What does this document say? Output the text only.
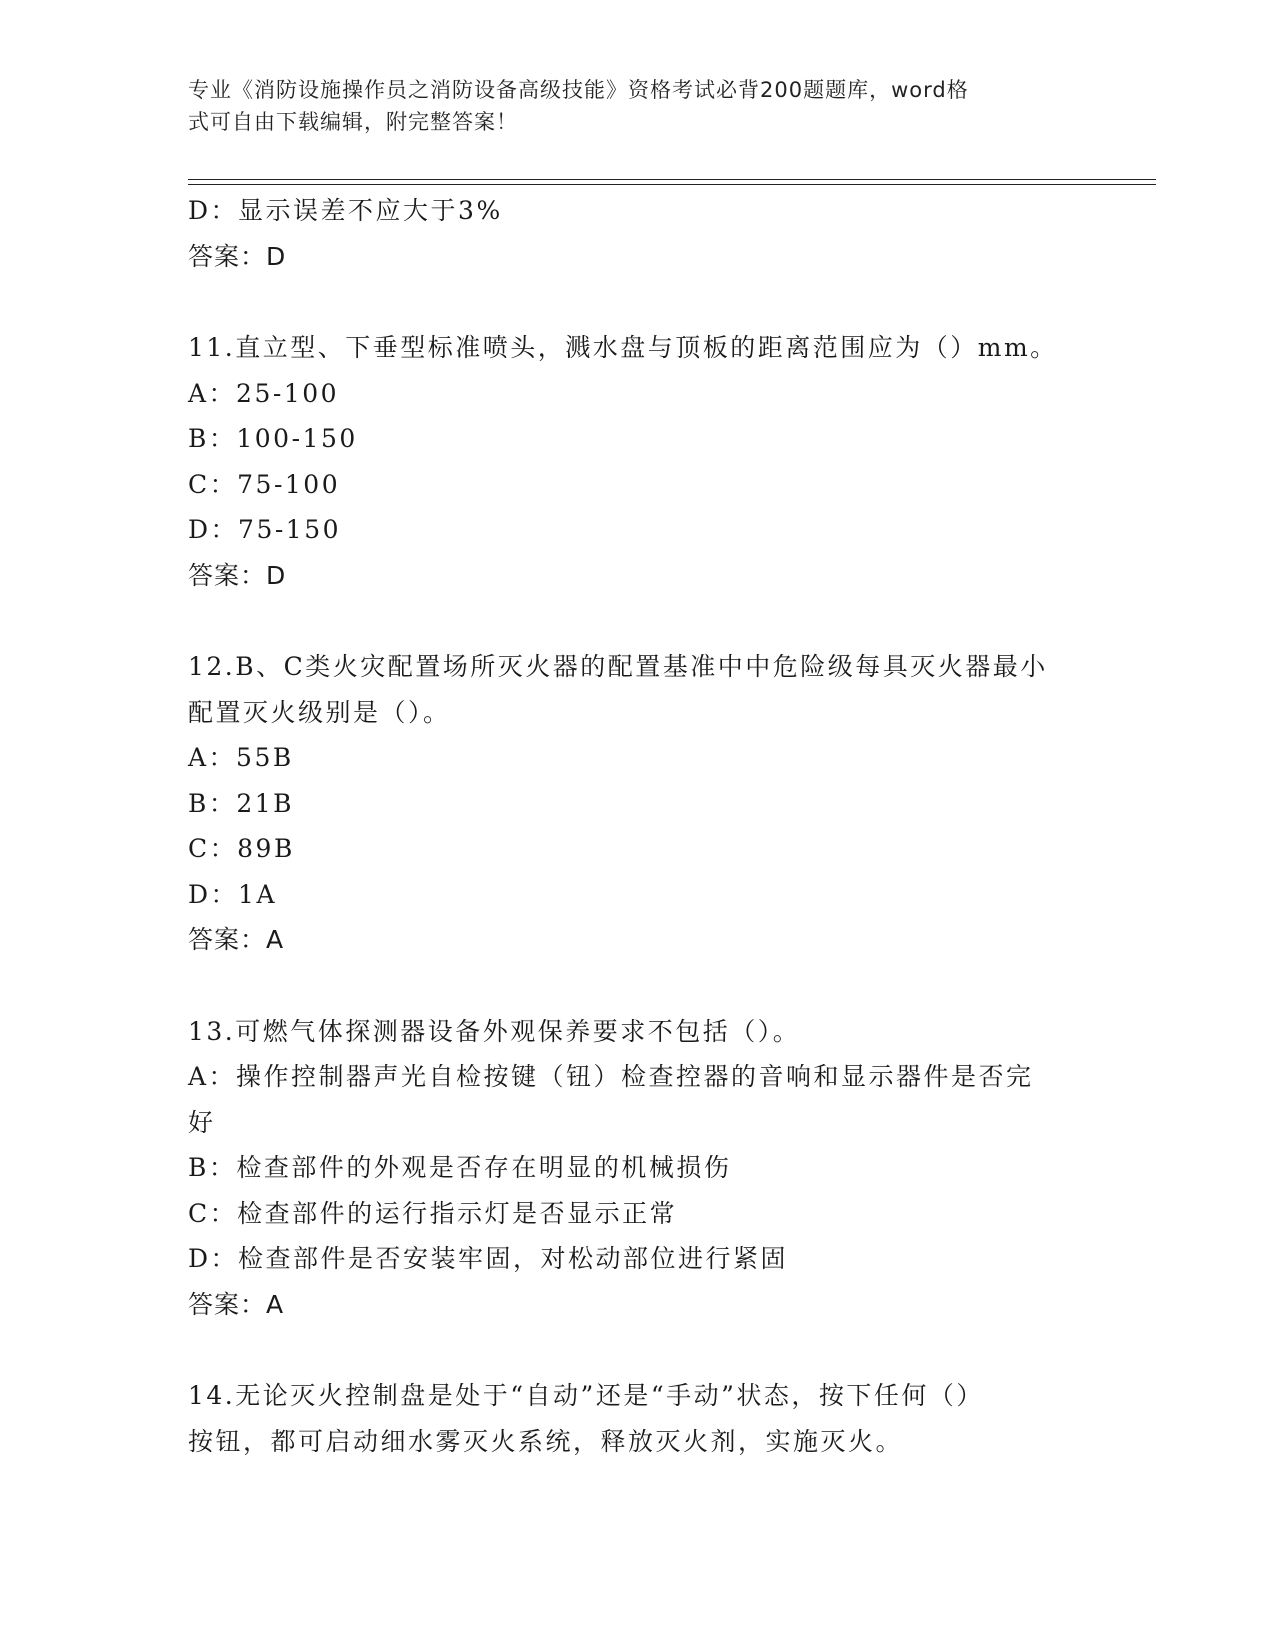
专业《消防设施操作员之消防设备高级技能》资格考试必背200题题库，word格
式可自由下载编辑，附完整答案！
D：显示误差不应大于3%
答案：D
11.直立型、下垂型标准喷头，溅水盘与顶板的距离范围应为（）mm。
A：25-100
B：100-150
C：75-100
D：75-150
答案：D
12.B、C类火灾配置场所灭火器的配置基准中中危险级每具灭火器最小
配置灭火级别是（）。
A：55B
B：21B
C：89B
D：1A
答案：A
13.可燃气体探测器设备外观保养要求不包括（）。
A：操作控制器声光自检按键（钮）检查控器的音响和显示器件是否完
好
B：检查部件的外观是否存在明显的机械损伤
C：检查部件的运行指示灯是否显示正常
D：检查部件是否安装牢固，对松动部位进行紧固
答案：A
14.无论灭火控制盘是处于“自动”还是“手动”状态，按下任何（）
按钮，都可启动细水雾灭火系统，释放灭火剂，实施灭火。
